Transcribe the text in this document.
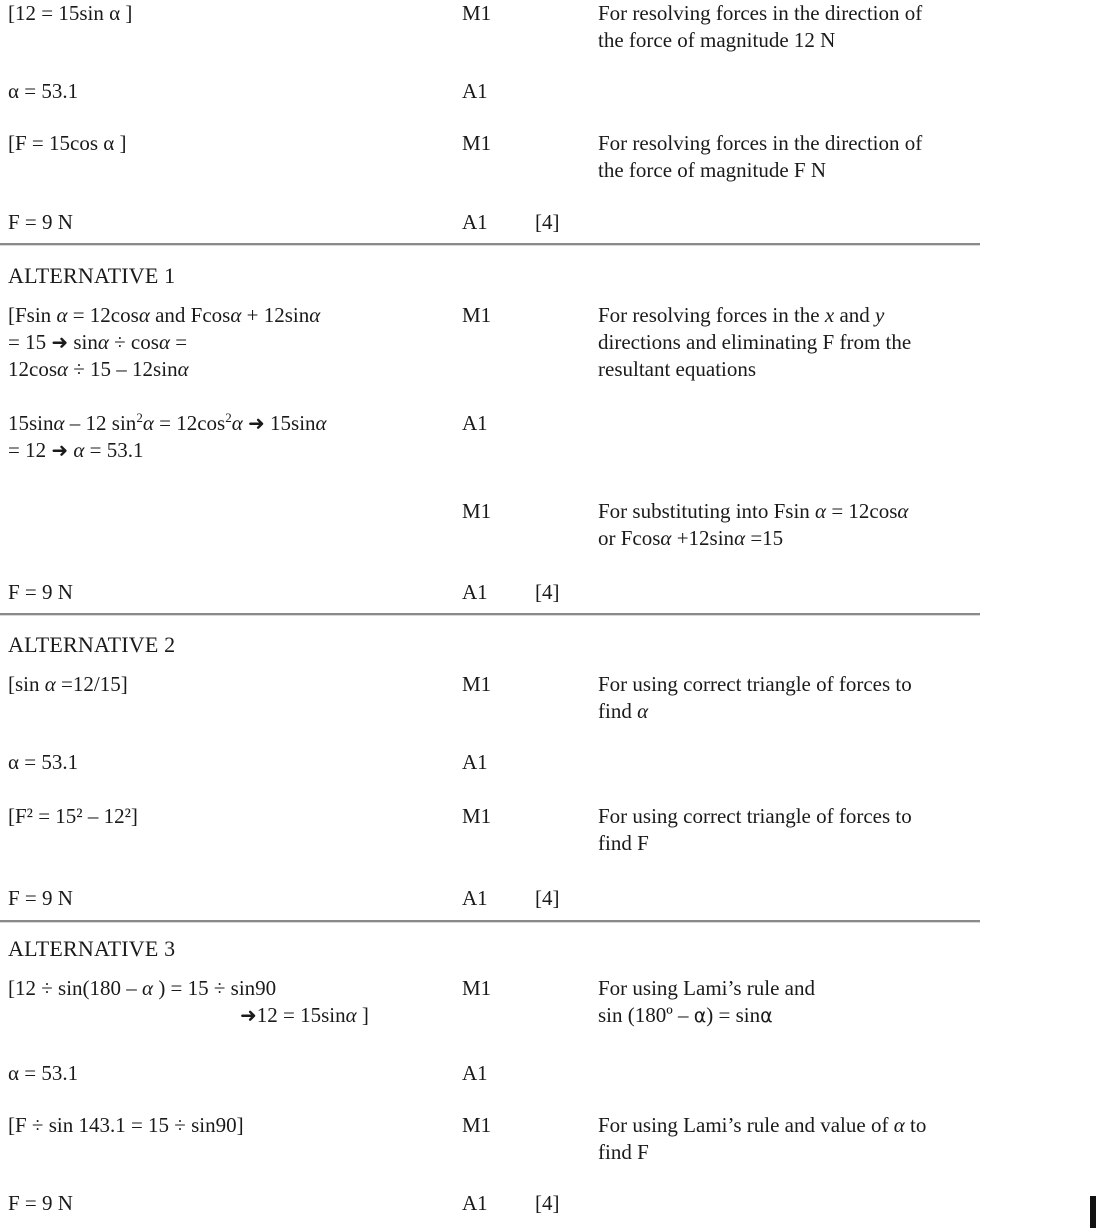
[12 = 15sin α ]	M1	For resolving forces in the direction of
the force of magnitude 12 N
α = 53.1	A1
[F = 15cos α ]	M1	For resolving forces in the direction of
the force of magnitude F N
F = 9 N	A1	[4]
ALTERNATIVE 1
[Fsin α = 12cosα and Fcosα + 12sinα
= 15 ➜ sinα ÷ cosα =
12cosα ÷ 15 – 12sinα
M1	For resolving forces in the x and y
directions and eliminating F from the
resultant equations
15sinα – 12 $\sin^2\alpha = 12\cos^2\alpha$ ➜ 15sinα
= 12 ➜ α = 53.1
A1
M1	For substituting into Fsin α = 12cosα
or Fcosα +12sinα =15
F = 9 N	A1	[4]
ALTERNATIVE 2
[sin α =12/15]	M1	For using correct triangle of forces to
find α
α = 53.1	A1
[F² = 15² – 12²]	M1	For using correct triangle of forces to
find F
F = 9 N	A1	[4]
ALTERNATIVE 3
[12 ÷ sin(180 – α ) = 15 ÷ sin90
➜12 = 15sinα ]
M1	For using Lami’s rule and
sin (180º – α) = sinα
α = 53.1	A1
[F ÷ sin 143.1 = 15 ÷ sin90]	M1	For using Lami’s rule and value of α to
find F
F = 9 N	A1	[4]
